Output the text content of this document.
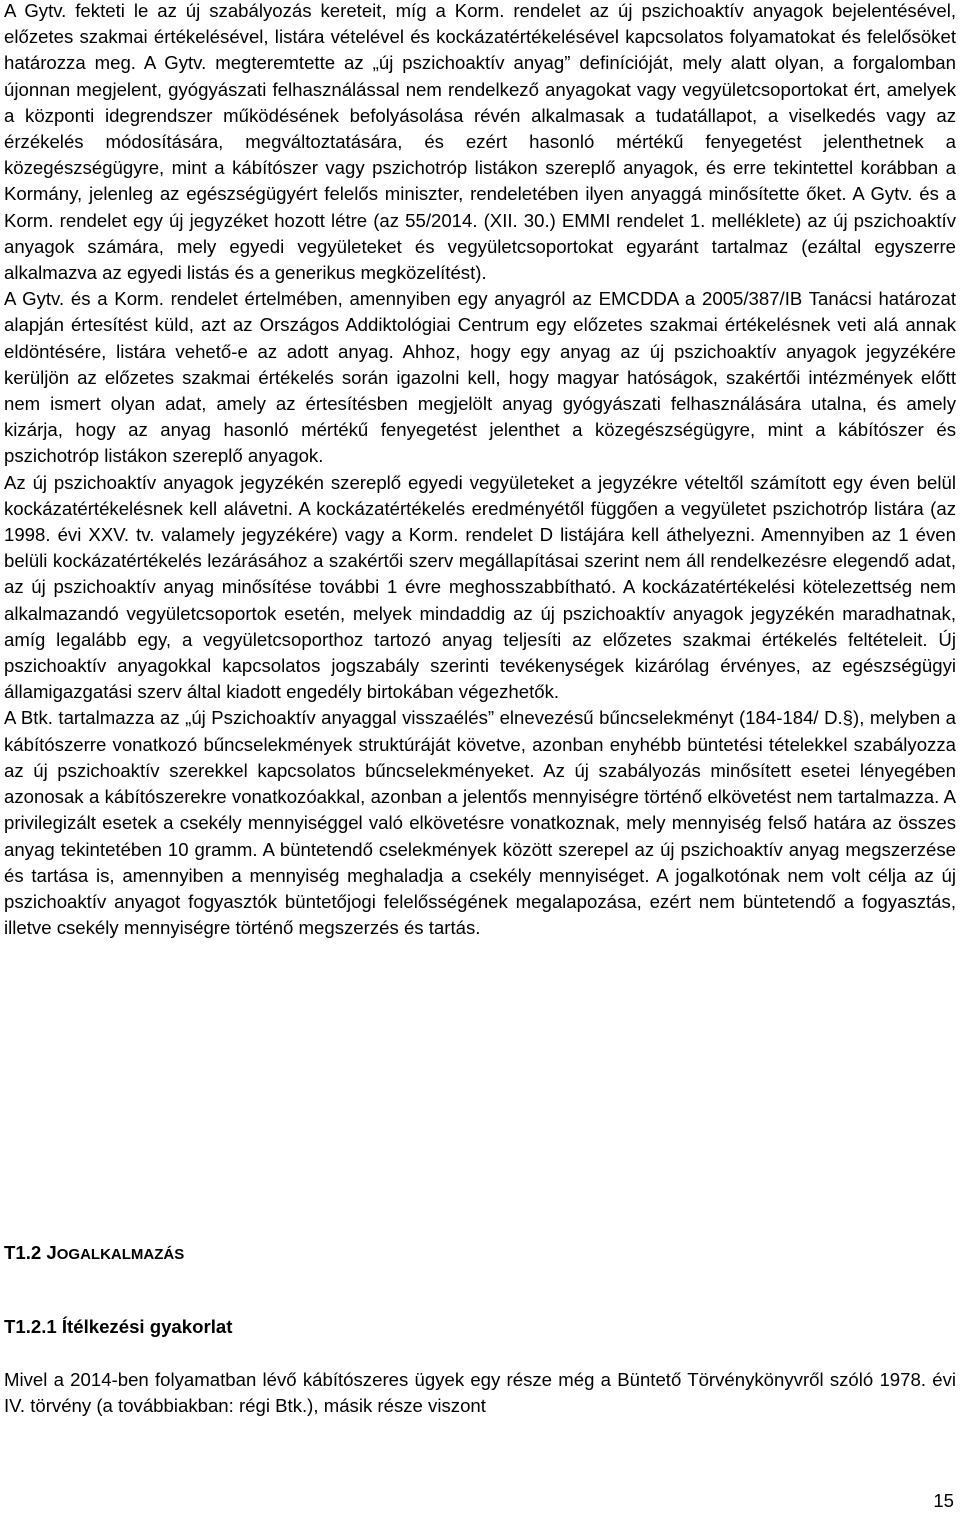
A Gytv. fekteti le az új szabályozás kereteit, míg a Korm. rendelet az új pszichoaktív anyagok bejelentésével, előzetes szakmai értékelésével, listára vételével és kockázatértékelésével kapcsolatos folyamatokat és felelősöket határozza meg. A Gytv. megteremtette az „új pszichoaktív anyag” definícióját, mely alatt olyan, a forgalomban újonnan megjelent, gyógyászati felhasználással nem rendelkező anyagokat vagy vegyületcsoportokat ért, amelyek a központi idegrendszer működésének befolyásolása révén alkalmasak a tudatállapot, a viselkedés vagy az érzékelés módosítására, megváltoztatására, és ezért hasonló mértékű fenyegetést jelenthetnek a közegészségügyre, mint a kábítószer vagy pszichotróp listákon szereplő anyagok, és erre tekintettel korábban a Kormány, jelenleg az egészségügyért felelős miniszter, rendeletében ilyen anyaggá minősítette őket. A Gytv. és a Korm. rendelet egy új jegyzéket hozott létre (az 55/2014. (XII. 30.) EMMI rendelet 1. melléklete) az új pszichoaktív anyagok számára, mely egyedi vegyületeket és vegyületcsoportokat egyaránt tartalmaz (ezáltal egyszerre alkalmazva az egyedi listás és a generikus megközelítést).

A Gytv. és a Korm. rendelet értelmében, amennyiben egy anyagról az EMCDDA a 2005/387/IB Tanácsi határozat alapján értesítést küld, azt az Országos Addiktológiai Centrum egy előzetes szakmai értékelésnek veti alá annak eldöntésére, listára vehető-e az adott anyag. Ahhoz, hogy egy anyag az új pszichoaktív anyagok jegyzékére kerüljön az előzetes szakmai értékelés során igazolni kell, hogy magyar hatóságok, szakértői intézmények előtt nem ismert olyan adat, amely az értesítésben megjelölt anyag gyógyászati felhasználására utalna, és amely kizárja, hogy az anyag hasonló mértékű fenyegetést jelenthet a közegészségügyre, mint a kábítószer és pszichotróp listákon szereplő anyagok.

Az új pszichoaktív anyagok jegyzékén szereplő egyedi vegyületeket a jegyzékre vételtől számított egy éven belül kockázatértékelésnek kell alávetni. A kockázatértékelés eredményétől függően a vegyületet pszichotróp listára (az 1998. évi XXV. tv. valamely jegyzékére) vagy a Korm. rendelet D listájára kell áthelyezni. Amennyiben az 1 éven belüli kockázatértékelés lezárásához a szakértői szerv megállapításai szerint nem áll rendelkezésre elegendő adat, az új pszichoaktív anyag minősítése további 1 évre meghosszabbítható. A kockázatértékelési kötelezettség nem alkalmazandó vegyületcsoportok esetén, melyek mindaddig az új pszichoaktív anyagok jegyzékén maradhatnak, amíg legalább egy, a vegyületcsoporthoz tartozó anyag teljesíti az előzetes szakmai értékelés feltételeit. Új pszichoaktív anyagokkal kapcsolatos jogszabály szerinti tevékenységek kizárólag érvényes, az egészségügyi államigazgatási szerv által kiadott engedély birtokában végezhetők.

A Btk. tartalmazza az „új Pszichoaktív anyaggal visszaélés” elnevezésű bűncselekményt (184-184/ D.§), melyben a kábítószerre vonatkozó bűncselekmények struktúráját követve, azonban enyhébb büntetési tételekkel szabályozza az új pszichoaktív szerekkel kapcsolatos bűncselekményeket. Az új szabályozás minősített esetei lényegében azonosak a kábítószerekre vonatkozóakkal, azonban a jelentős mennyiségre történő elkövetést nem tartalmazza. A privilegizált esetek a csekély mennyiséggel való elkövetésre vonatkoznak, mely mennyiség felső határa az összes anyag tekintetében 10 gramm. A büntetendő cselekmények között szerepel az új pszichoaktív anyag megszerzése és tartása is, amennyiben a mennyiség meghaladja a csekély mennyiséget. A jogalkotónak nem volt célja az új pszichoaktív anyagot fogyasztók büntetőjogi felelősségének megalapozása, ezért nem büntetendő a fogyasztás, illetve csekély mennyiségre történő megszerzés és tartás.

T1.2 JOGALKALMAZÁS
T1.2.1 Ítélkezési gyakorlat

Mivel a 2014-ben folyamatban lévő kábítószeres ügyek egy része még a Büntető Törvénykönyvről szóló 1978. évi IV. törvény (a továbbiakban: régi Btk.), másik része viszont

15
